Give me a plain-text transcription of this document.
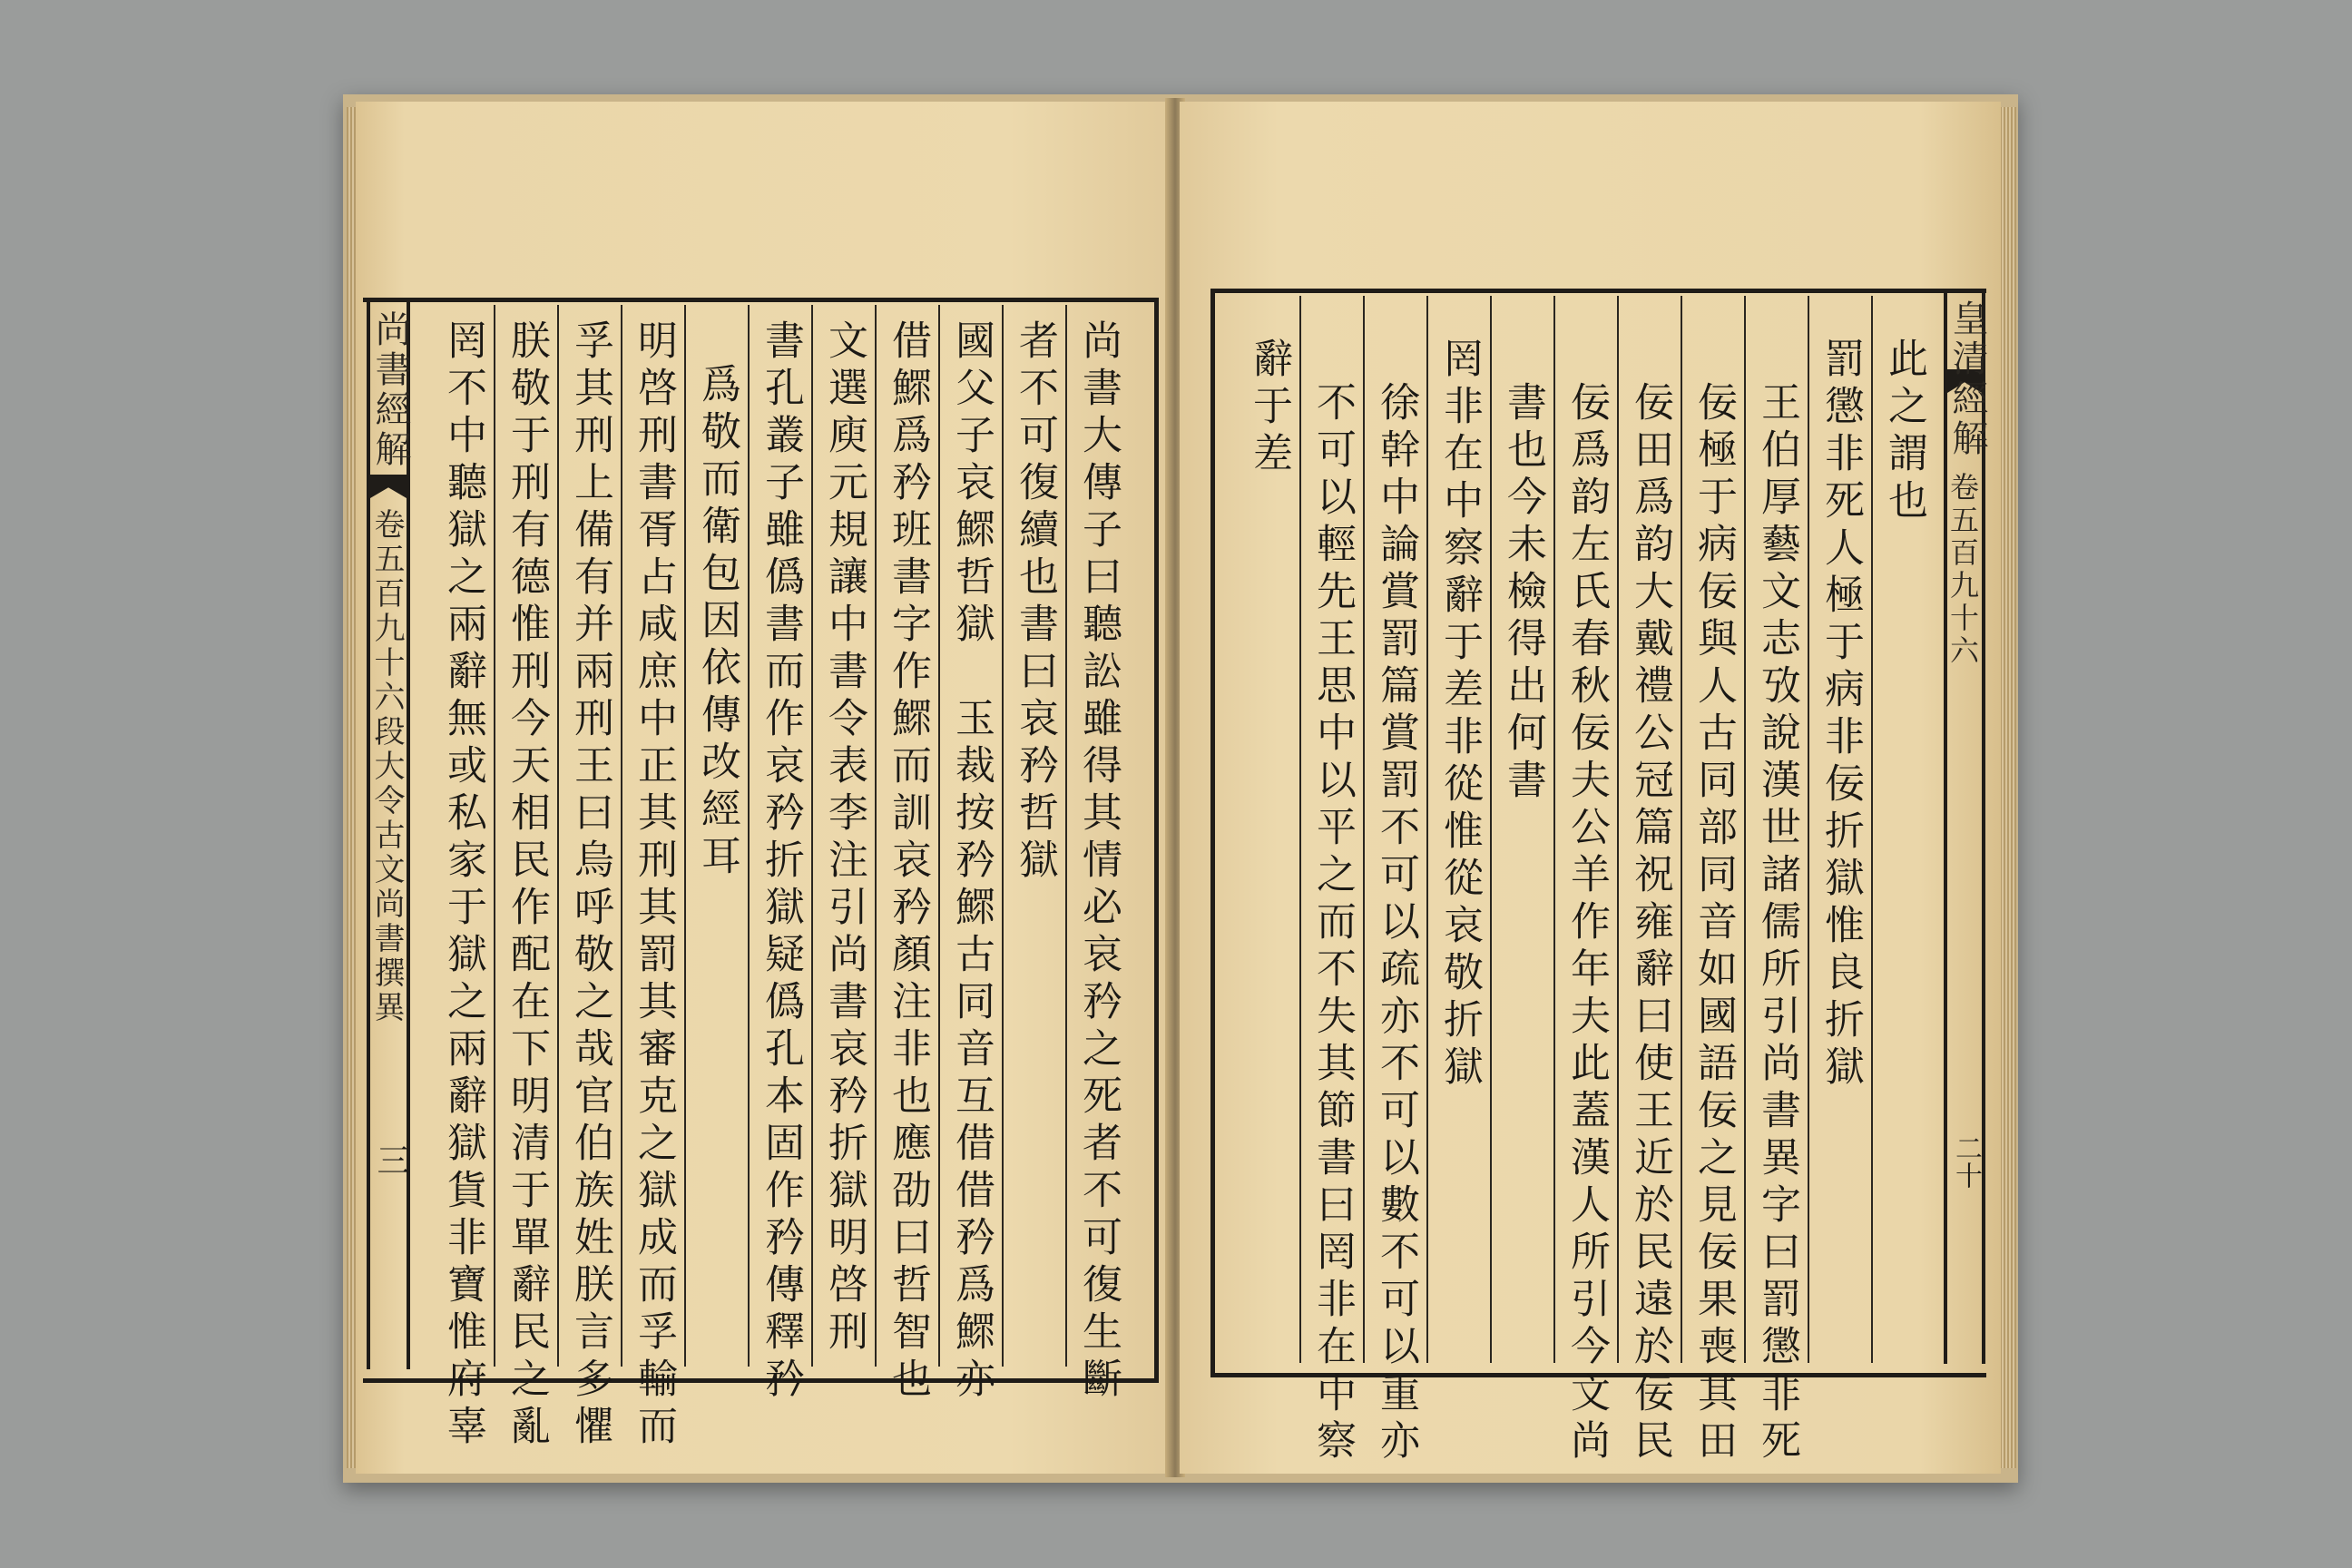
尚書經解
卷五百九十六段大令古文尚書撰異
三	尚書大傳子曰聽訟雖得其情必哀矜之死者不可復生斷
者不可復續也書曰哀矜哲獄
國父子哀鰥哲獄　玉裁按矜鰥古同音互借借矜爲鰥亦
借鰥爲矜班書字作鰥而訓哀矜顏注非也應劭曰哲智也
文選庾元規讓中書令表李注引尚書哀矜折獄明啓刑
書孔叢子雖僞書而作哀矜折獄疑僞孔本固作矜傳釋矜
爲敬而衛包因依傳改經耳
明啓刑書胥占咸庶中正其刑其罰其審克之獄成而孚輸而
孚其刑上備有并兩刑王曰烏呼敬之哉官伯族姓朕言多懼
朕敬于刑有德惟刑今天相民作配在下明清于單辭民之亂
罔不中聽獄之兩辭無或私家于獄之兩辭獄貨非寶惟府辜	皇清經解
卷五百九十六
二十

此之謂也
罰懲非死人極于病非佞折獄惟良折獄
王伯厚藝文志攷說漢世諸儒所引尚書異字曰罰懲非死
佞極于病佞與人古同部同音如國語佞之見佞果喪其田
佞田爲韵大戴禮公冠篇祝雍辭曰使王近於民遠於佞民
佞爲韵左氏春秋佞夫公羊作年夫此蓋漢人所引今文尚
書也今未檢得出何書
罔非在中察辭于差非從惟從哀敬折獄
徐幹中論賞罰篇賞罰不可以疏亦不可以數不可以重亦
不可以輕先王思中以平之而不失其節書曰罔非在中察
辭于差
